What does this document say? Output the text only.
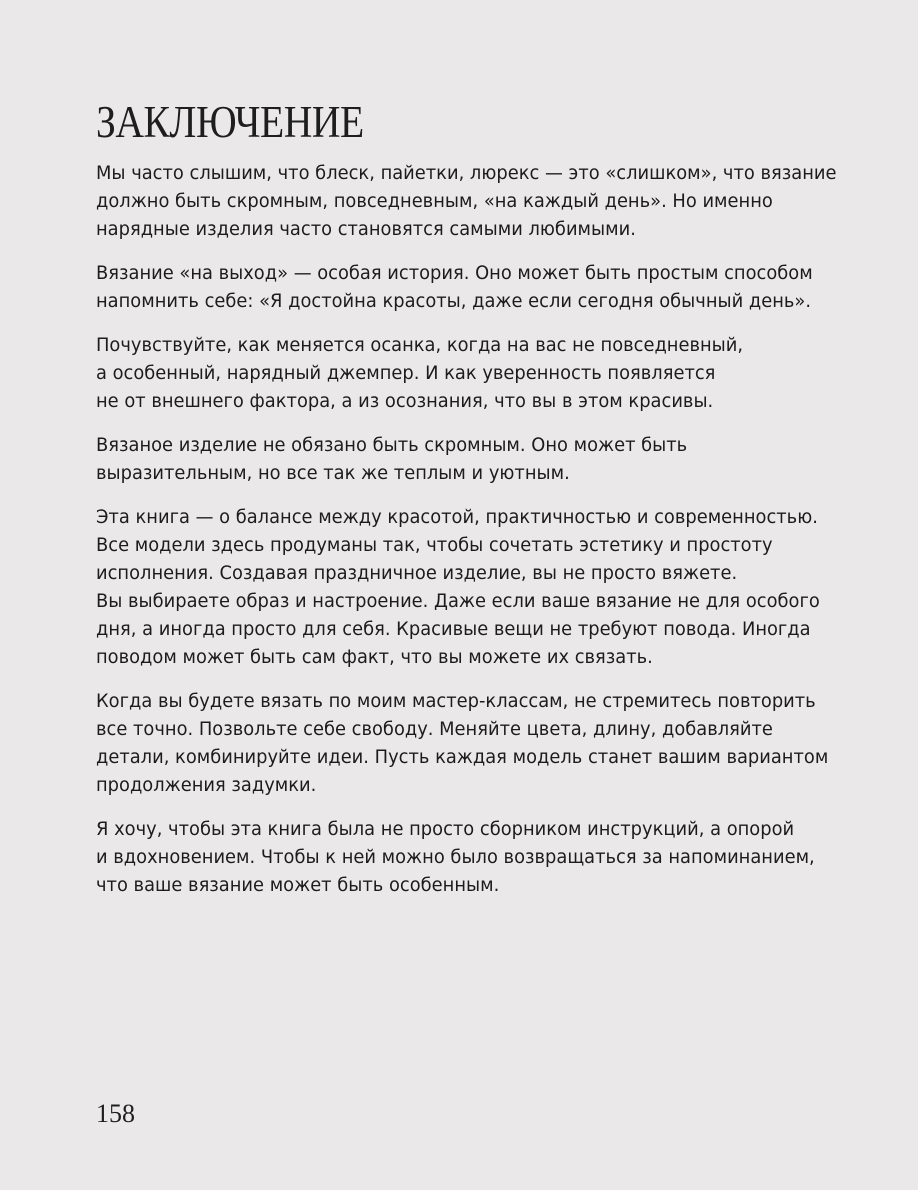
ЗАКЛЮЧЕНИЕ

Мы часто слышим, что блеск, пайетки, люрекс — это «слишком», что вязание
должно быть скромным, повседневным, «на каждый день». Но именно
нарядные изделия часто становятся самыми любимыми.

Вязание «на выход» — особая история. Оно может быть простым способом
напомнить себе: «Я достойна красоты, даже если сегодня обычный день».

Почувствуйте, как меняется осанка, когда на вас не повседневный,
а особенный, нарядный джемпер. И как уверенность появляется
не от внешнего фактора, а из осознания, что вы в этом красивы.

Вязаное изделие не обязано быть скромным. Оно может быть
выразительным, но все так же теплым и уютным.

Эта книга — о балансе между красотой, практичностью и современностью.
Все модели здесь продуманы так, чтобы сочетать эстетику и простоту
исполнения. Создавая праздничное изделие, вы не просто вяжете.
Вы выбираете образ и настроение. Даже если ваше вязание не для особого
дня, а иногда просто для себя. Красивые вещи не требуют повода. Иногда
поводом может быть сам факт, что вы можете их связать.

Когда вы будете вязать по моим мастер-классам, не стремитесь повторить
все точно. Позвольте себе свободу. Меняйте цвета, длину, добавляйте
детали, комбинируйте идеи. Пусть каждая модель станет вашим вариантом
продолжения задумки.

Я хочу, чтобы эта книга была не просто сборником инструкций, а опорой
и вдохновением. Чтобы к ней можно было возвращаться за напоминанием,
что ваше вязание может быть особенным.

158
